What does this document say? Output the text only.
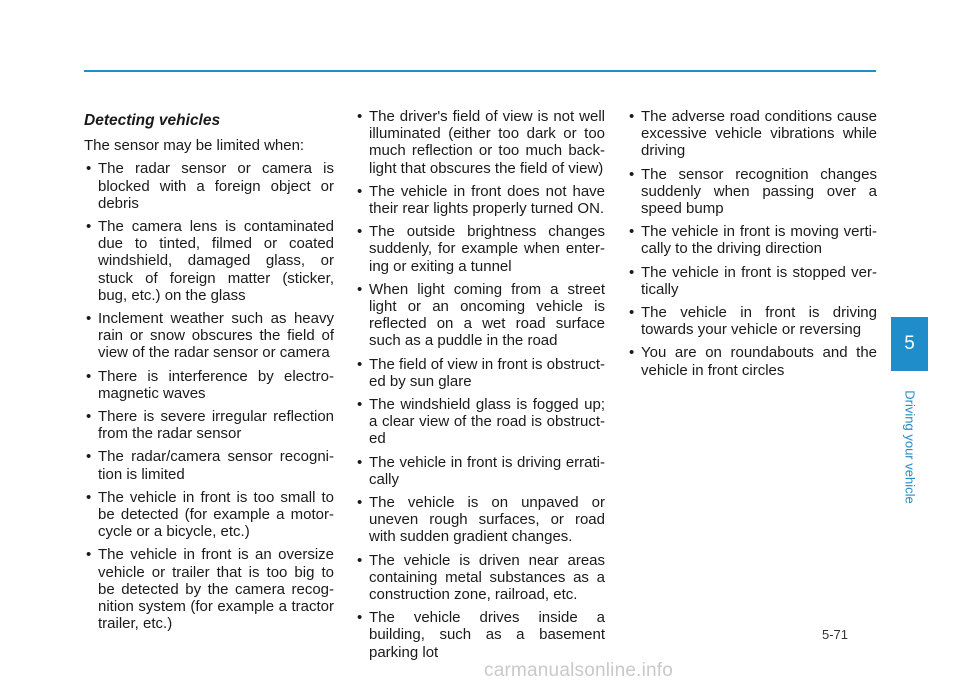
Detecting vehicles
The sensor may be limited when:
• The radar sensor or camera is blocked with a foreign object or debris
• The camera lens is contaminated due to tinted, filmed or coated windshield, damaged glass, or stuck of foreign matter (sticker, bug, etc.) on the glass
• Inclement weather such as heavy rain or snow obscures the field of view of the radar sensor or camera
• There is interference by electro-magnetic waves
• There is severe irregular reflection from the radar sensor
• The radar/camera sensor recogni-tion is limited
• The vehicle in front is too small to be detected (for example a motor-cycle or a bicycle, etc.)
• The vehicle in front is an oversize vehicle or trailer that is too big to be detected by the camera recog-nition system (for example a tractor trailer, etc.)
• The driver's field of view is not well illuminated (either too dark or too much reflection or too much back-light that obscures the field of view)
• The vehicle in front does not have their rear lights properly turned ON.
• The outside brightness changes suddenly, for example when enter-ing or exiting a tunnel
• When light coming from a street light or an oncoming vehicle is reflected on a wet road surface such as a puddle in the road
• The field of view in front is obstruct-ed by sun glare
• The windshield glass is fogged up; a clear view of the road is obstruct-ed
• The vehicle in front is driving errati-cally
• The vehicle is on unpaved or uneven rough surfaces, or road with sudden gradient changes.
• The vehicle is driven near areas containing metal substances as a construction zone, railroad, etc.
• The vehicle drives inside a building, such as a basement parking lot
• The adverse road conditions cause excessive vehicle vibrations while driving
• The sensor recognition changes suddenly when passing over a speed bump
• The vehicle in front is moving verti-cally to the driving direction
• The vehicle in front is stopped ver-tically
• The vehicle in front is driving towards your vehicle or reversing
• You are on roundabouts and the vehicle in front circles
5
Driving your vehicle
5-71
carmanualsonline.info
